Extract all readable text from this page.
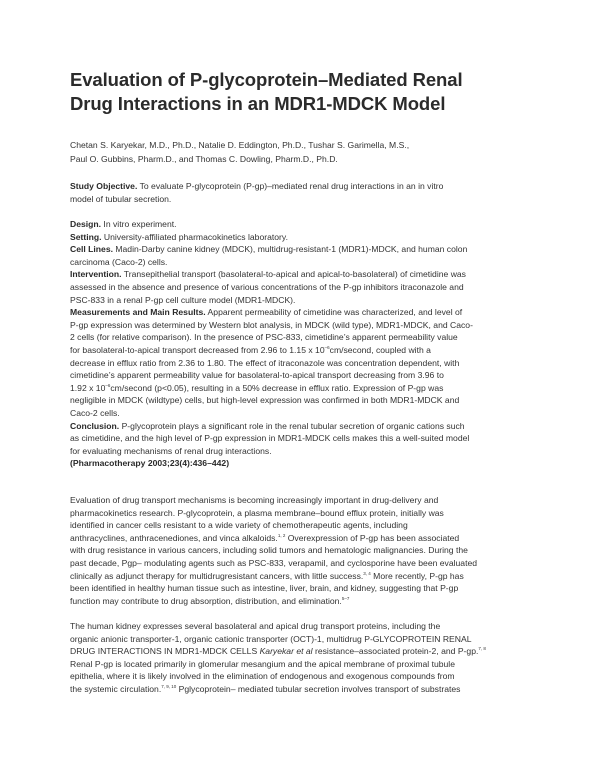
Evaluation of P-glycoprotein–Mediated Renal
Drug Interactions in an MDR1-MDCK Model
Chetan S. Karyekar, M.D., Ph.D., Natalie D. Eddington, Ph.D., Tushar S. Garimella, M.S.,
Paul O. Gubbins, Pharm.D., and Thomas C. Dowling, Pharm.D., Ph.D.
Study Objective. To evaluate P-glycoprotein (P-gp)–mediated renal drug interactions in an in vitro
model of tubular secretion.
Design. In vitro experiment.
Setting. University-affiliated pharmacokinetics laboratory.
Cell Lines. Madin-Darby canine kidney (MDCK), multidrug-resistant-1 (MDR1)-MDCK, and human colon
carcinoma (Caco-2) cells.
Intervention. Transepithelial transport (basolateral-to-apical and apical-to-basolateral) of cimetidine was
assessed in the absence and presence of various concentrations of the P-gp inhibitors itraconazole and
PSC-833 in a renal P-gp cell culture model (MDR1-MDCK).
Measurements and Main Results. Apparent permeability of cimetidine was characterized, and level of
P-gp expression was determined by Western blot analysis, in MDCK (wild type), MDR1-MDCK, and Caco-
2 cells (for relative comparison). In the presence of PSC-833, cimetidine’s apparent permeability value
for basolateral-to-apical transport decreased from 2.96 to 1.15 x $10^{-6}cm$/second, coupled with a
decrease in efflux ratio from 2.36 to 1.80. The effect of itraconazole was concentration dependent, with
cimetidine’s apparent permeability value for basolateral-to-apical transport decreasing from 3.96 to
1.92 x $10^{-6}cm$/second (p<0.05), resulting in a 50% decrease in efflux ratio. Expression of P-gp was
negligible in MDCK (wildtype) cells, but high-level expression was confirmed in both MDR1-MDCK and
Caco-2 cells.
Conclusion. P-glycoprotein plays a significant role in the renal tubular secretion of organic cations such
as cimetidine, and the high level of P-gp expression in MDR1-MDCK cells makes this a well-suited model
for evaluating mechanisms of renal drug interactions.
(Pharmacotherapy 2003;23(4):436–442)
Evaluation of drug transport mechanisms is becoming increasingly important in drug-delivery and
pharmacokinetics research. P-glycoprotein, a plasma membrane–bound efflux protein, initially was
identified in cancer cells resistant to a wide variety of chemotherapeutic agents, including
anthracyclines, anthracenediones, and vinca alkaloids.$^{1, 2}$ Overexpression of P-gp has been associated
with drug resistance in various cancers, including solid tumors and hematologic malignancies. During the
past decade, Pgp– modulating agents such as PSC-833, verapamil, and cyclosporine have been evaluated
clinically as adjunct therapy for multidrugresistant cancers, with little success.$^{3, 4}$ More recently, P-gp has
been identified in healthy human tissue such as intestine, liver, brain, and kidney, suggesting that P-gp
function may contribute to drug absorption, distribution, and elimination.$^{5-7}$
The human kidney expresses several basolateral and apical drug transport proteins, including the
organic anionic transporter-1, organic cationic transporter (OCT)-1, multidrug P-GLYCOPROTEIN RENAL
DRUG INTERACTIONS IN MDR1-MDCK CELLS Karyekar et al resistance–associated protein-2, and P-gp.$^{7, 8}$
Renal P-gp is located primarily in glomerular mesangium and the apical membrane of proximal tubule
epithelia, where it is likely involved in the elimination of endogenous and exogenous compounds from
the systemic circulation.$^{7, 9, 10}$ Pglycoprotein– mediated tubular secretion involves transport of substrates
